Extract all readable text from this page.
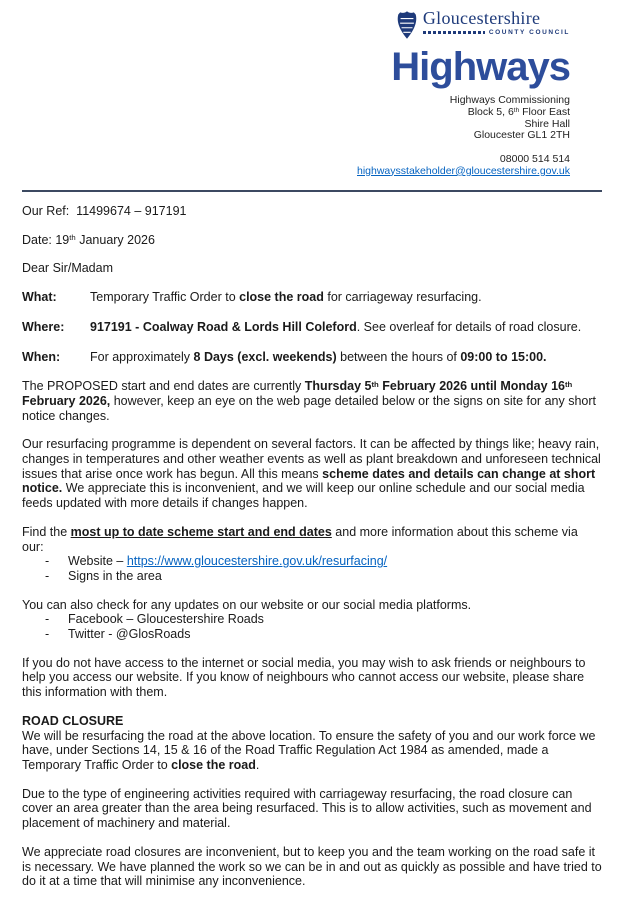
Gloucestershire
COUNTY COUNCIL
Highways
Highways Commissioning
Block 5, 6th Floor East
Shire Hall
Gloucester GL1 2TH
08000 514 514
highwaysstakeholder@gloucestershire.gov.uk

Our Ref:  11499674 – 917191

Date: 19th January 2026

Dear Sir/Madam

What:	Temporary Traffic Order to close the road for carriageway resurfacing.
Where:	917191 - Coalway Road & Lords Hill Coleford. See overleaf for details of road closure.
When:	For approximately 8 Days (excl. weekends) between the hours of 09:00 to 15:00.

The PROPOSED start and end dates are currently Thursday 5th February 2026 until Monday 16th February 2026, however, keep an eye on the web page detailed below or the signs on site for any short notice changes.

Our resurfacing programme is dependent on several factors. It can be affected by things like; heavy rain, changes in temperatures and other weather events as well as plant breakdown and unforeseen technical issues that arise once work has begun. All this means scheme dates and details can change at short notice. We appreciate this is inconvenient, and we will keep our online schedule and our social media feeds updated with more details if changes happen.

Find the most up to date scheme start and end dates and more information about this scheme via our:

-	Website – https://www.gloucestershire.gov.uk/resurfacing/
-	Signs in the area

You can also check for any updates on our website or our social media platforms.

-	Facebook – Gloucestershire Roads
-	Twitter - @GlosRoads

If you do not have access to the internet or social media, you may wish to ask friends or neighbours to help you access our website. If you know of neighbours who cannot access our website, please share this information with them.

ROAD CLOSURE

We will be resurfacing the road at the above location. To ensure the safety of you and our work force we have, under Sections 14, 15 & 16 of the Road Traffic Regulation Act 1984 as amended, made a Temporary Traffic Order to close the road.

Due to the type of engineering activities required with carriageway resurfacing, the road closure can cover an area greater than the area being resurfaced. This is to allow activities, such as movement and placement of machinery and material.

We appreciate road closures are inconvenient, but to keep you and the team working on the road safe it is necessary. We have planned the work so we can be in and out as quickly as possible and have tried to do it at a time that will minimise any inconvenience.
